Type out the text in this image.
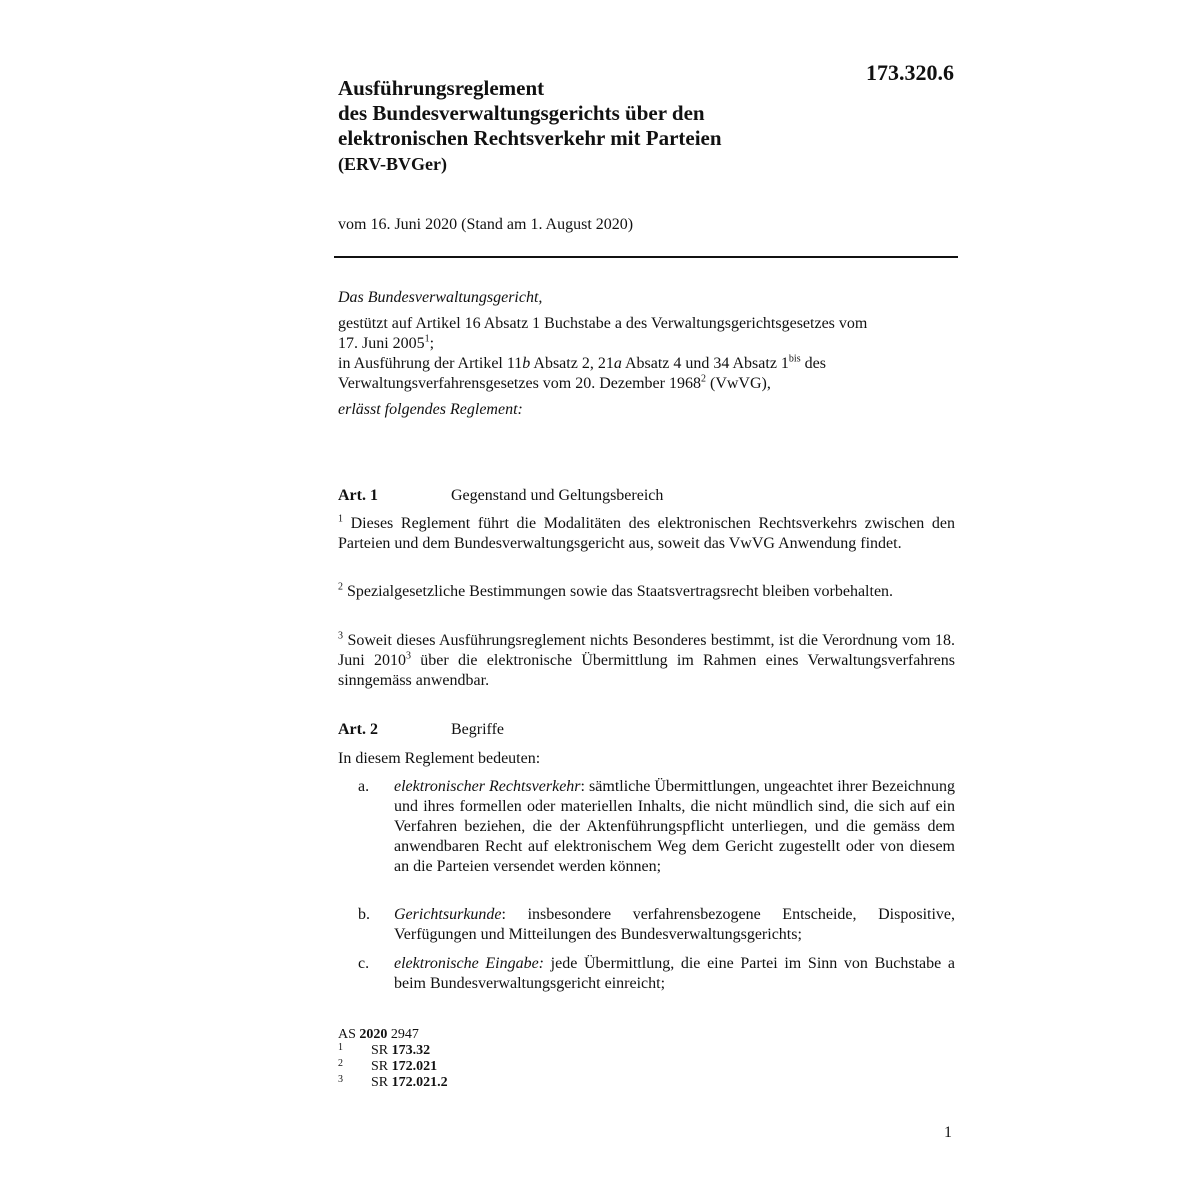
173.320.6
Ausführungsreglement
des Bundesverwaltungsgerichts über den
elektronischen Rechtsverkehr mit Parteien
(ERV-BVGer)
vom 16. Juni 2020 (Stand am 1. August 2020)
Das Bundesverwaltungsgericht,
gestützt auf Artikel 16 Absatz 1 Buchstabe a des Verwaltungsgerichtsgesetzes vom
17. Juni 2005$^1$;
in Ausführung der Artikel 11b Absatz 2, 21a Absatz 4 und 34 Absatz $1^{bis}$ des
Verwaltungsverfahrensgesetzes vom 20. Dezember 1968$^2$ (VwVG),
erlässt folgendes Reglement:
Art. 1	Gegenstand und Geltungsbereich
$^1$ Dieses Reglement führt die Modalitäten des elektronischen Rechtsverkehrs zwischen den Parteien und dem Bundesverwaltungsgericht aus, soweit das VwVG Anwendung findet.
$^2$ Spezialgesetzliche Bestimmungen sowie das Staatsvertragsrecht bleiben vorbehalten.
$^3$ Soweit dieses Ausführungsreglement nichts Besonderes bestimmt, ist die Verordnung vom 18. Juni 2010$^3$ über die elektronische Übermittlung im Rahmen eines Verwaltungsverfahrens sinngemäss anwendbar.
Art. 2	Begriffe
In diesem Reglement bedeuten:
a. elektronischer Rechtsverkehr: sämtliche Übermittlungen, ungeachtet ihrer Bezeichnung und ihres formellen oder materiellen Inhalts, die nicht mündlich sind, die sich auf ein Verfahren beziehen, die der Aktenführungspflicht unterliegen, und die gemäss dem anwendbaren Recht auf elektronischem Weg dem Gericht zugestellt oder von diesem an die Parteien versendet werden können;
b. Gerichtsurkunde: insbesondere verfahrensbezogene Entscheide, Dispositive, Verfügungen und Mitteilungen des Bundesverwaltungsgerichts;
c. elektronische Eingabe: jede Übermittlung, die eine Partei im Sinn von Buchstabe a beim Bundesverwaltungsgericht einreicht;
AS 2020 2947
1 SR 173.32
2 SR 172.021
3 SR 172.021.2
1
